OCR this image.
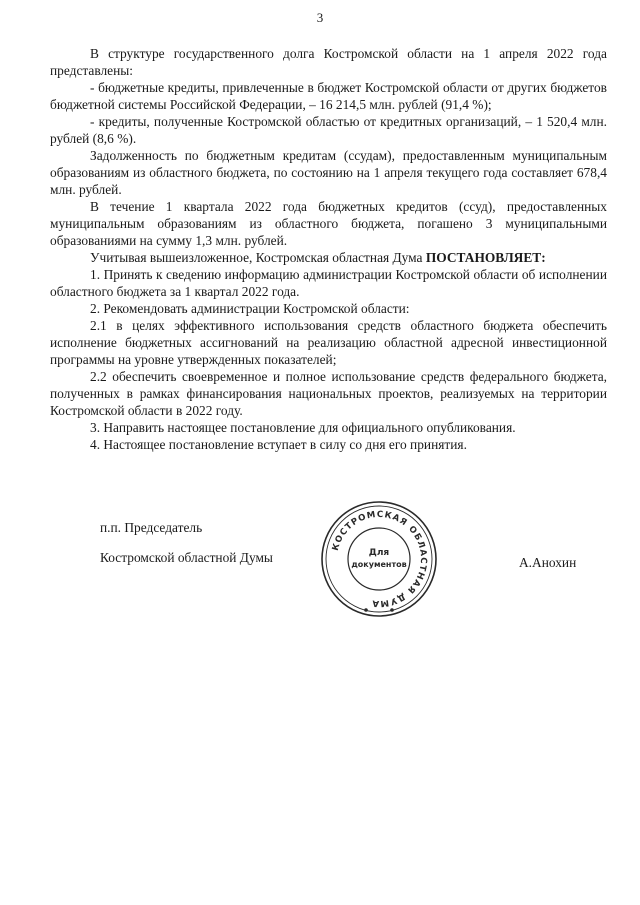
3

В структуре государственного долга Костромской области на 1 апреля 2022 года представлены:

- бюджетные кредиты, привлеченные в бюджет Костромской области от других бюджетов бюджетной системы Российской Федерации, – 16 214,5 млн. рублей (91,4 %);

- кредиты, полученные Костромской областью от кредитных организаций, – 1 520,4 млн. рублей (8,6 %).

Задолженность по бюджетным кредитам (ссудам), предоставленным муниципальным образованиям из областного бюджета, по состоянию на 1 апреля текущего года составляет 678,4 млн. рублей.

В течение 1 квартала 2022 года бюджетных кредитов (ссуд), предоставленных муниципальным образованиям из областного бюджета, погашено 3 муниципальными образованиями на сумму 1,3 млн. рублей.

Учитывая вышеизложенное, Костромская областная Дума ПОСТАНОВЛЯЕТ:

1. Принять к сведению информацию администрации Костромской области об исполнении областного бюджета за 1 квартал 2022 года.

2. Рекомендовать администрации Костромской области:

2.1 в целях эффективного использования средств областного бюджета обеспечить исполнение бюджетных ассигнований на реализацию областной адресной инвестиционной программы на уровне утвержденных показателей;

2.2 обеспечить своевременное и полное использование средств федерального бюджета, полученных в рамках финансирования национальных проектов, реализуемых на территории Костромской области в 2022 году.

3. Направить настоящее постановление для официального опубликования.

4. Настоящее постановление вступает в силу со дня его принятия.

п.п. Председатель
Костромской областной Думы	А.Анохин
КОСТРОМСКАЯ ОБЛАСТНАЯ ДУМА
Для
документов
